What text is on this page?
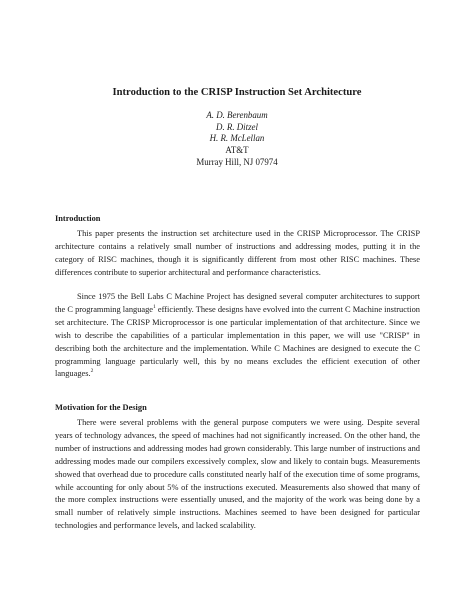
Introduction to the CRISP Instruction Set Architecture
A. D. Berenbaum
D. R. Ditzel
H. R. McLellan
AT&T
Murray Hill, NJ 07974
Introduction

This paper presents the instruction set architecture used in the CRISP Microprocessor. The CRISP architecture contains a relatively small number of instructions and addressing modes, putting it in the category of RISC machines, though it is significantly different from most other RISC machines. These differences contribute to superior architectural and performance characteristics.

Since 1975 the Bell Labs C Machine Project has designed several computer architectures to support the C programming language$^1$ efficiently. These designs have evolved into the current C Machine instruction set architecture. The CRISP Microprocessor is one particular implementation of that architecture. Since we wish to describe the capabilities of a particular implementation in this paper, we will use "CRISP" in describing both the architecture and the implementation. While C Machines are designed to execute the C programming language particularly well, this by no means excludes the efficient execution of other languages.$^2$

Motivation for the Design

There were several problems with the general purpose computers we were using. Despite several years of technology advances, the speed of machines had not significantly increased. On the other hand, the number of instructions and addressing modes had grown considerably. This large number of instructions and addressing modes made our compilers excessively complex, slow and likely to contain bugs. Measurements showed that overhead due to procedure calls constituted nearly half of the execution time of some programs, while accounting for only about 5% of the instructions executed. Measurements also showed that many of the more complex instructions were essentially unused, and the majority of the work was being done by a small number of relatively simple instructions. Machines seemed to have been designed for particular technologies and performance levels, and lacked scalability.
